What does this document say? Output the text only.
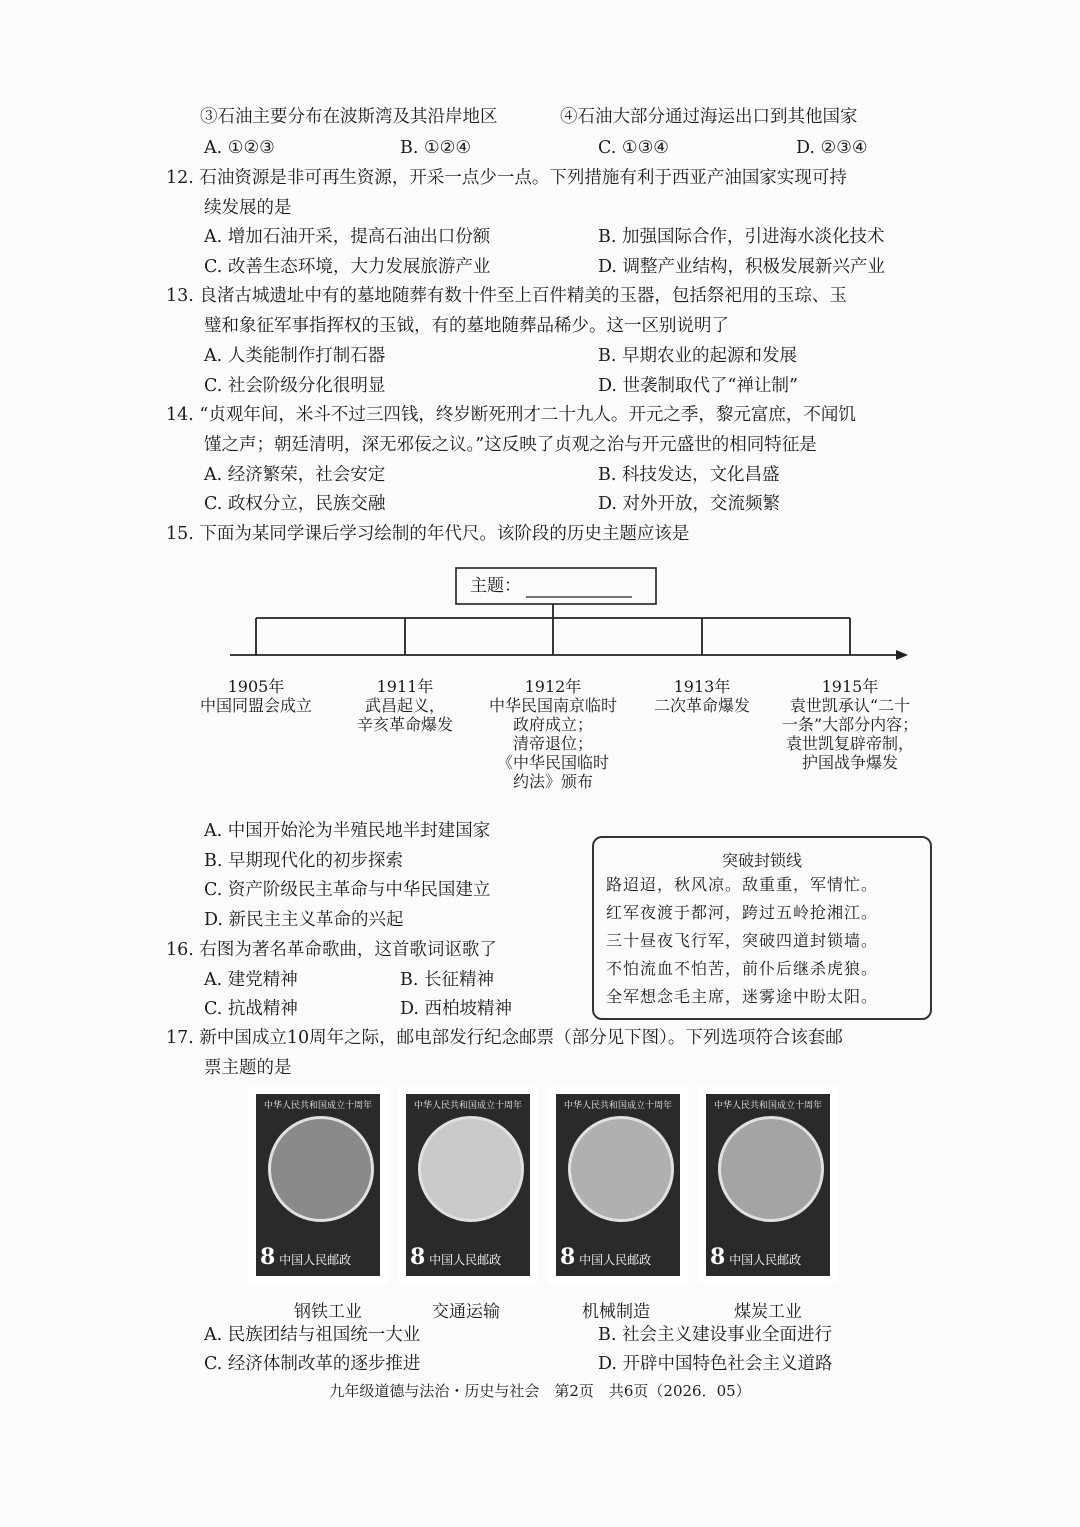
③石油主要分布在波斯湾及其沿岸地区	④石油大部分通过海运出口到其他国家
A. ①②③	B. ①②④	C. ①③④	D. ②③④
12. 石油资源是非可再生资源，开采一点少一点。下列措施有利于西亚产油国家实现可持
续发展的是
A. 增加石油开采，提高石油出口份额	B. 加强国际合作，引进海水淡化技术
C. 改善生态环境，大力发展旅游产业	D. 调整产业结构，积极发展新兴产业
13. 良渚古城遗址中有的墓地随葬有数十件至上百件精美的玉器，包括祭祀用的玉琮、玉
璧和象征军事指挥权的玉钺，有的墓地随葬品稀少。这一区别说明了
A. 人类能制作打制石器	B. 早期农业的起源和发展
C. 社会阶级分化很明显	D. 世袭制取代了“禅让制”
14. “贞观年间，米斗不过三四钱，终岁断死刑才二十九人。开元之季，黎元富庶，不闻饥
馑之声；朝廷清明，深无邪佞之议。”这反映了贞观之治与开元盛世的相同特征是
A. 经济繁荣，社会安定	B. 科技发达，文化昌盛
C. 政权分立，民族交融	D. 对外开放，交流频繁
15. 下面为某同学课后学习绘制的年代尺。该阶段的历史主题应该是
主题：
1905年
中国同盟会成立
1911年
武昌起义，
辛亥革命爆发
1912年
中华民国南京临时
政府成立；
清帝退位；
《中华民国临时
约法》颁布
1913年
二次革命爆发
1915年
袁世凯承认“二十
一条”大部分内容；
袁世凯复辟帝制，
护国战争爆发
A. 中国开始沦为半殖民地半封建国家
B. 早期现代化的初步探索
C. 资产阶级民主革命与中华民国建立
D. 新民主主义革命的兴起
16. 右图为著名革命歌曲，这首歌词讴歌了
A. 建党精神	B. 长征精神
C. 抗战精神	D. 西柏坡精神
突破封锁线
路迢迢，秋风凉。敌重重，军情忙。
红军夜渡于都河，跨过五岭抢湘江。
三十昼夜飞行军，突破四道封锁墙。
不怕流血不怕苦，前仆后继杀虎狼。
全军想念毛主席，迷雾途中盼太阳。
17. 新中国成立10周年之际，邮电部发行纪念邮票（部分见下图）。下列选项符合该套邮
票主题的是
中华人民共和国成立十周年
8 中国人民邮政
中华人民共和国成立十周年
8 中国人民邮政
中华人民共和国成立十周年
8 中国人民邮政
中华人民共和国成立十周年
8 中国人民邮政
钢铁工业	交通运输	机械制造	煤炭工业
A. 民族团结与祖国统一大业	B. 社会主义建设事业全面进行
C. 经济体制改革的逐步推进	D. 开辟中国特色社会主义道路
九年级道德与法治・历史与社会　第2页　共6页（2026．05）
